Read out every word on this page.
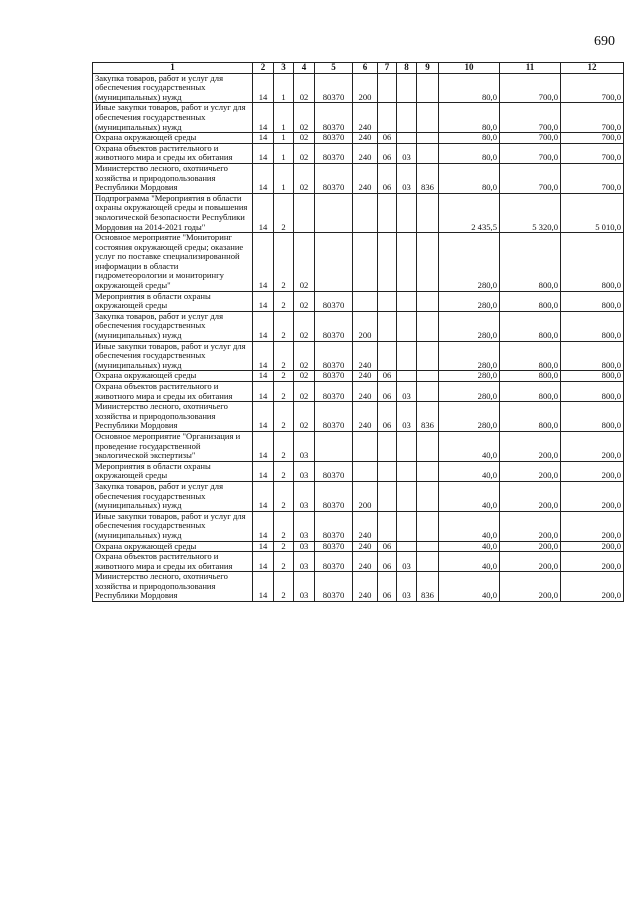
690
1	2	3	4	5	6	7	8	9	10	11	12
Закупка товаров, работ и услуг для обеспечения государственных (муниципальных) нужд	14	1	02	80370	200				80,0	700,0	700,0
Иные закупки товаров, работ и услуг для обеспечения государственных (муниципальных) нужд	14	1	02	80370	240				80,0	700,0	700,0
Охрана окружающей среды	14	1	02	80370	240	06			80,0	700,0	700,0
Охрана объектов растительного и животного мира и среды их обитания	14	1	02	80370	240	06	03		80,0	700,0	700,0
Министерство лесного, охотничьего хозяйства и природопользования Республики Мордовия	14	1	02	80370	240	06	03	836	80,0	700,0	700,0
Подпрограмма "Мероприятия в области охраны окружающей среды и повышения экологической безопасности Республики Мордовия на 2014-2021 годы"	14	2							2 435,5	5 320,0	5 010,0
Основное мероприятие "Мониторинг состояния окружающей среды; оказание услуг по поставке специализированной информации в области гидрометеорологии и мониторингу окружающей среды"	14	2	02						280,0	800,0	800,0
Мероприятия в области охраны окружающей среды	14	2	02	80370					280,0	800,0	800,0
Закупка товаров, работ и услуг для обеспечения государственных (муниципальных) нужд	14	2	02	80370	200				280,0	800,0	800,0
Иные закупки товаров, работ и услуг для обеспечения государственных (муниципальных) нужд	14	2	02	80370	240				280,0	800,0	800,0
Охрана окружающей среды	14	2	02	80370	240	06			280,0	800,0	800,0
Охрана объектов растительного и животного мира и среды их обитания	14	2	02	80370	240	06	03		280,0	800,0	800,0
Министерство лесного, охотничьего хозяйства и природопользования Республики Мордовия	14	2	02	80370	240	06	03	836	280,0	800,0	800,0
Основное мероприятие "Организация и проведение государственной экологической экспертизы"	14	2	03						40,0	200,0	200,0
Мероприятия в области охраны окружающей среды	14	2	03	80370					40,0	200,0	200,0
Закупка товаров, работ и услуг для обеспечения государственных (муниципальных) нужд	14	2	03	80370	200				40,0	200,0	200,0
Иные закупки товаров, работ и услуг для обеспечения государственных (муниципальных) нужд	14	2	03	80370	240				40,0	200,0	200,0
Охрана окружающей среды	14	2	03	80370	240	06			40,0	200,0	200,0
Охрана объектов растительного и животного мира и среды их обитания	14	2	03	80370	240	06	03		40,0	200,0	200,0
Министерство лесного, охотничьего хозяйства и природопользования Республики Мордовия	14	2	03	80370	240	06	03	836	40,0	200,0	200,0
